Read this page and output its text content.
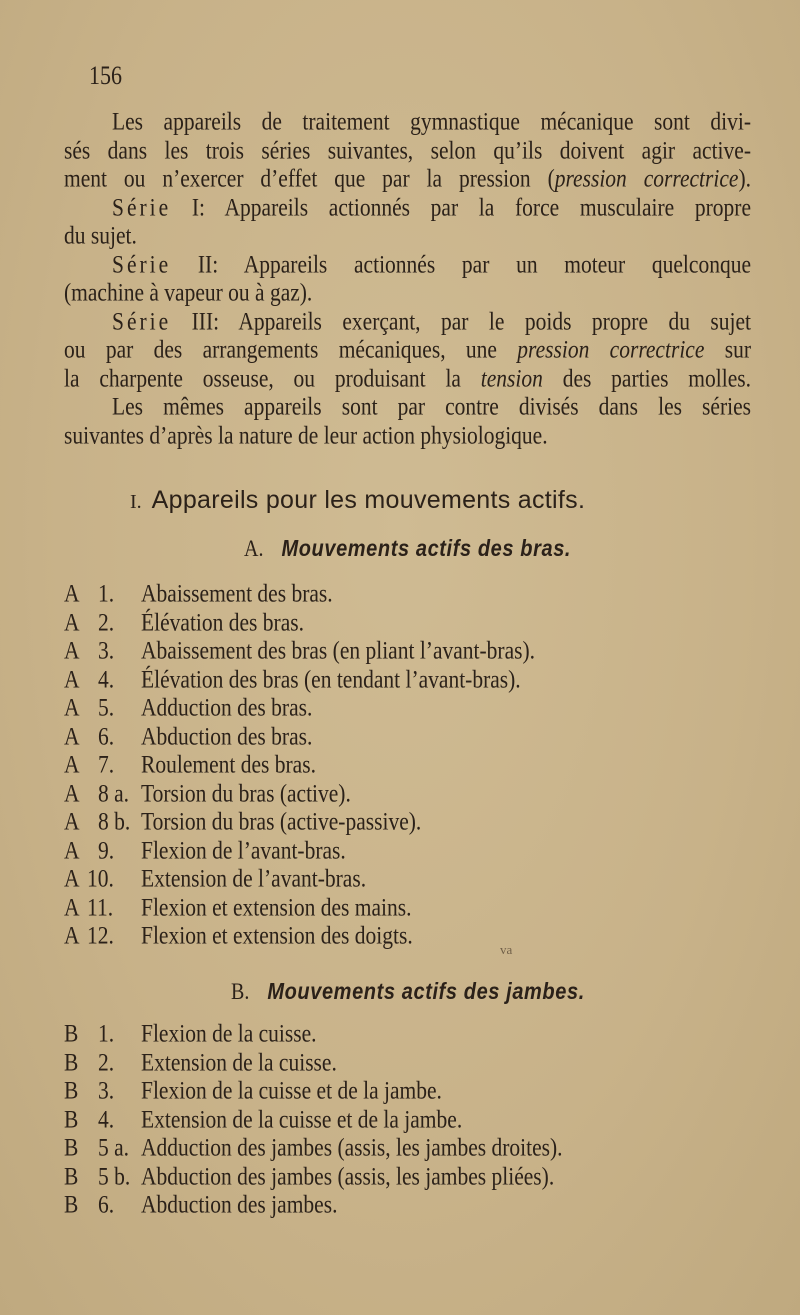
156
Les appareils de traitement gymnastique mécanique sont divi-
sés dans les trois séries suivantes, selon qu’ils doivent agir active-
ment ou n’exercer d’effet que par la pression (pression correctrice).
Série I: Appareils actionnés par la force musculaire propre
du sujet.
Série II: Appareils actionnés par un moteur quelconque
(machine à vapeur ou à gaz).
Série III: Appareils exerçant, par le poids propre du sujet
ou par des arrangements mécaniques, une pression correctrice sur
la charpente osseuse, ou produisant la tension des parties molles.
Les mêmes appareils sont par contre divisés dans les séries
suivantes d’après la nature de leur action physiologique.
I. Appareils pour les mouvements actifs.
A. Mouvements actifs des bras.
B. Mouvements actifs des jambes.
va
A 1. Abaissement des bras.
A 2. Élévation des bras.
A 3. Abaissement des bras (en pliant l’avant-bras).
A 4. Élévation des bras (en tendant l’avant-bras).
A 5. Adduction des bras.
A 6. Abduction des bras.
A 7. Roulement des bras.
A 8 a. Torsion du bras (active).
A 8 b. Torsion du bras (active-passive).
A 9. Flexion de l’avant-bras.
A 10. Extension de l’avant-bras.
A 11. Flexion et extension des mains.
A 12. Flexion et extension des doigts.
B 1. Flexion de la cuisse.
B 2. Extension de la cuisse.
B 3. Flexion de la cuisse et de la jambe.
B 4. Extension de la cuisse et de la jambe.
B 5 a. Adduction des jambes (assis, les jambes droites).
B 5 b. Abduction des jambes (assis, les jambes pliées).
B 6. Abduction des jambes.
